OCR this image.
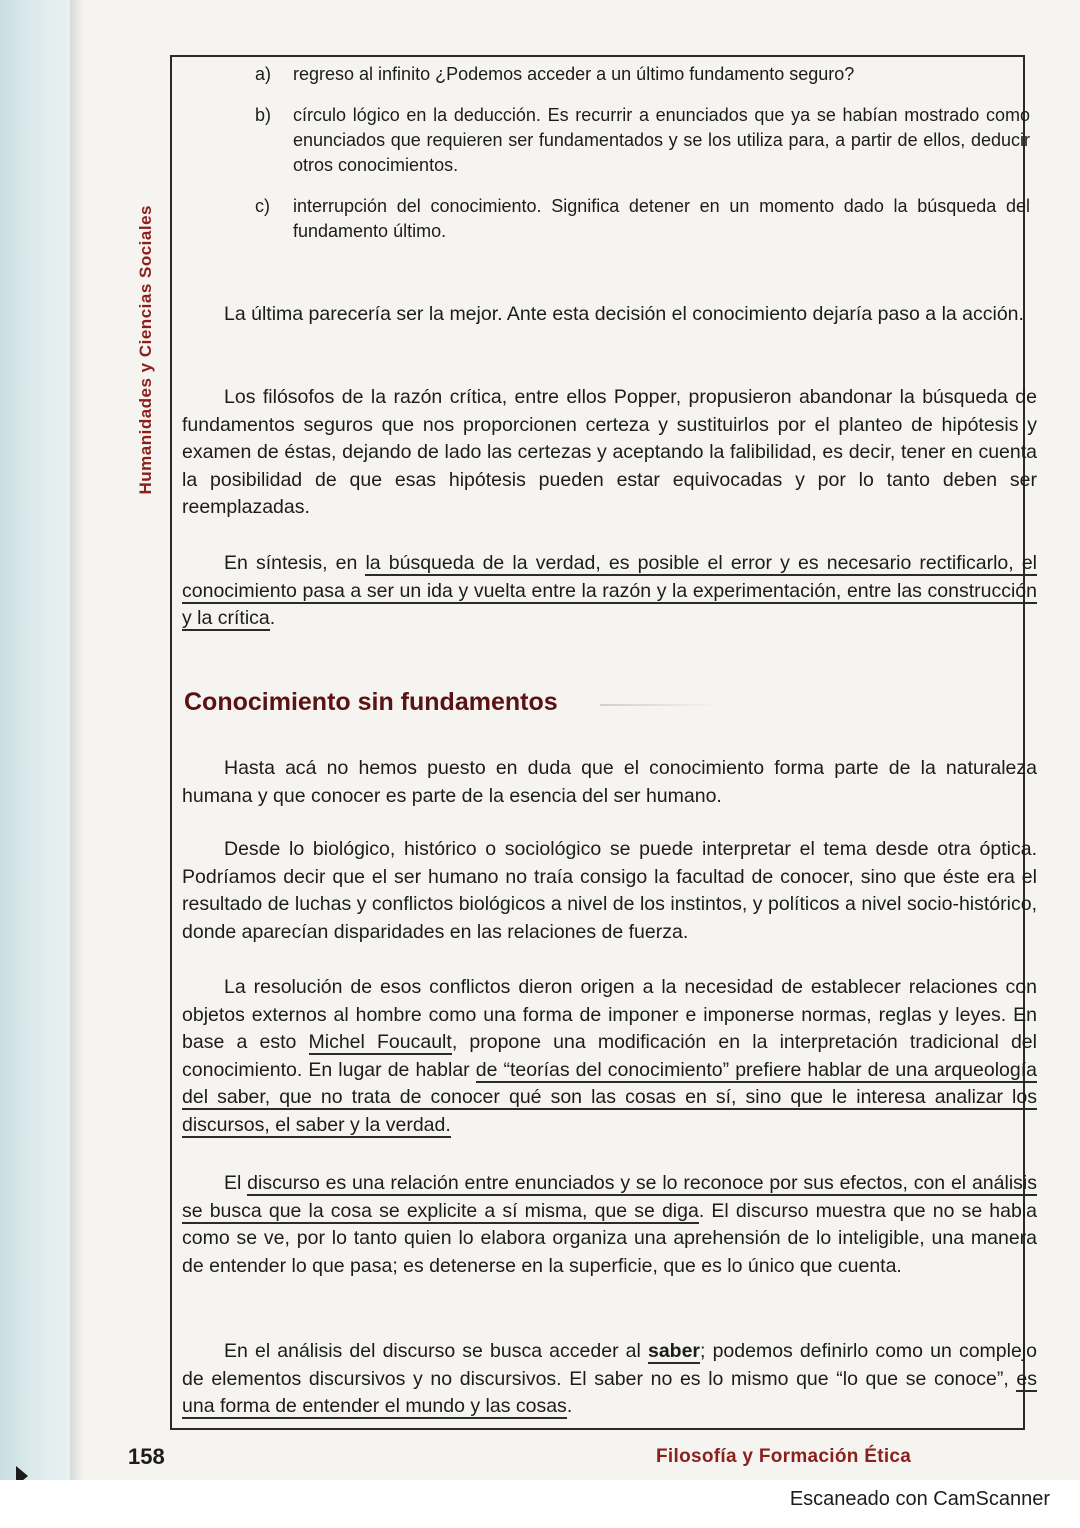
Humanidades y Ciencias Sociales
a)	regreso al infinito ¿Podemos acceder a un último fundamento seguro?
b)	círculo lógico en la deducción. Es recurrir a enunciados que ya se habían mostrado como enunciados que requieren ser fundamentados y se los utiliza para, a partir de ellos, deducir otros conocimientos.
c)	interrupción del conocimiento. Significa detener en un momento dado la búsqueda del fundamento último.

La última parecería ser la mejor. Ante esta decisión el conocimiento dejaría paso a la acción.

Los filósofos de la razón crítica, entre ellos Popper, propusieron abandonar la búsqueda de fundamentos seguros que nos proporcionen certeza y sustituirlos por el planteo de hipótesis y examen de éstas, dejando de lado las certezas y aceptando la falibilidad, es decir, tener en cuenta la posibilidad de que esas hipótesis pueden estar equivocadas y por lo tanto deben ser reemplazadas.

En síntesis, en la búsqueda de la verdad, es posible el error y es necesario rectificarlo, el conocimiento pasa a ser un ida y vuelta entre la razón y la experimentación, entre las construcción y la crítica.

Conocimiento sin fundamentos

Hasta acá no hemos puesto en duda que el conocimiento forma parte de la naturaleza humana y que conocer es parte de la esencia del ser humano.

Desde lo biológico, histórico o sociológico se puede interpretar el tema desde otra óptica. Podríamos decir que el ser humano no traía consigo la facultad de conocer, sino que éste era el resultado de luchas y conflictos biológicos a nivel de los instintos, y políticos a nivel socio-histórico, donde aparecían disparidades en las relaciones de fuerza.

La resolución de esos conflictos dieron origen a la necesidad de establecer relaciones con objetos externos al hombre como una forma de imponer e imponerse normas, reglas y leyes. En base a esto Michel Foucault, propone una modificación en la interpretación tradicional del conocimiento. En lugar de hablar de “teorías del conocimiento” prefiere hablar de una arqueología del saber, que no trata de conocer qué son las cosas en sí, sino que le interesa analizar los discursos, el saber y la verdad.

El discurso es una relación entre enunciados y se lo reconoce por sus efectos, con el análisis se busca que la cosa se explicite a sí misma, que se diga. El discurso muestra que no se habla como se ve, por lo tanto quien lo elabora organiza una aprehensión de lo inteligible, una manera de entender lo que pasa; es detenerse en la superficie, que es lo único que cuenta.

En el análisis del discurso se busca acceder al saber; podemos definirlo como un complejo de elementos discursivos y no discursivos. El saber no es lo mismo que “lo que se conoce”, es una forma de entender el mundo y las cosas.

158	Filosofía y Formación Ética
Escaneado con CamScanner
